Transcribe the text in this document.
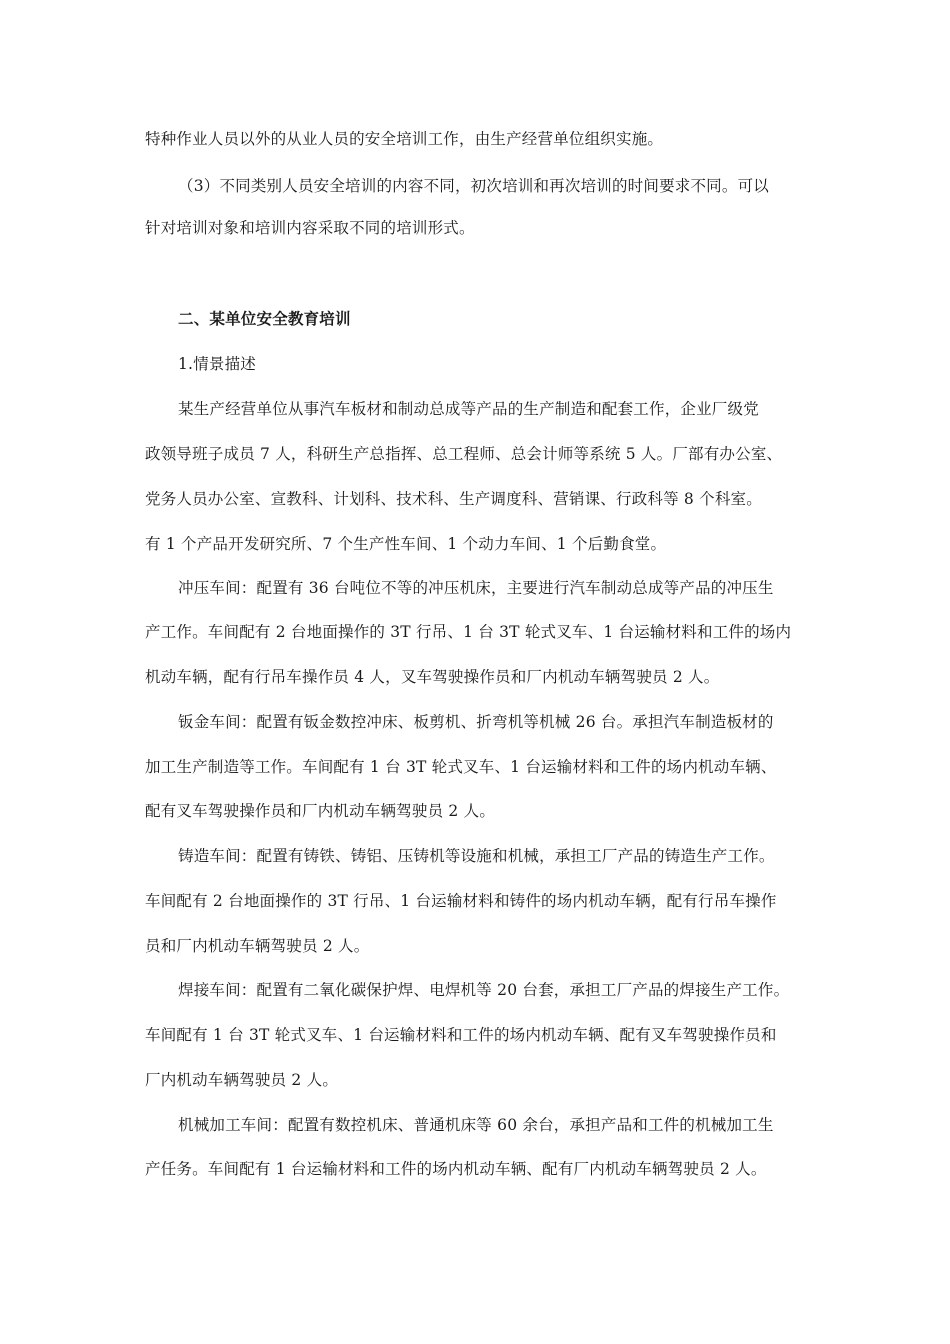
特种作业人员以外的从业人员的安全培训工作，由生产经营单位组织实施。
（3）不同类别人员安全培训的内容不同，初次培训和再次培训的时间要求不同。可以
针对培训对象和培训内容采取不同的培训形式。
二、某单位安全教育培训
1.情景描述
某生产经营单位从事汽车板材和制动总成等产品的生产制造和配套工作，企业厂级党
政领导班子成员 7 人，科研生产总指挥、总工程师、总会计师等系统 5 人。厂部有办公室、
党务人员办公室、宣教科、计划科、技术科、生产调度科、营销课、行政科等 8 个科室。
有 1 个产品开发研究所、7 个生产性车间、1 个动力车间、1 个后勤食堂。
冲压车间：配置有 36 台吨位不等的冲压机床，主要进行汽车制动总成等产品的冲压生
产工作。车间配有 2 台地面操作的 3T 行吊、1 台 3T 轮式叉车、1 台运输材料和工件的场内
机动车辆，配有行吊车操作员 4 人，叉车驾驶操作员和厂内机动车辆驾驶员 2 人。
钣金车间：配置有钣金数控冲床、板剪机、折弯机等机械 26 台。承担汽车制造板材的
加工生产制造等工作。车间配有 1 台 3T 轮式叉车、1 台运输材料和工件的场内机动车辆、
配有叉车驾驶操作员和厂内机动车辆驾驶员 2 人。
铸造车间：配置有铸铁、铸铝、压铸机等设施和机械，承担工厂产品的铸造生产工作。
车间配有 2 台地面操作的 3T 行吊、1 台运输材料和铸件的场内机动车辆，配有行吊车操作
员和厂内机动车辆驾驶员 2 人。
焊接车间：配置有二氧化碳保护焊、电焊机等 20 台套，承担工厂产品的焊接生产工作。
车间配有 1 台 3T 轮式叉车、1 台运输材料和工件的场内机动车辆、配有叉车驾驶操作员和
厂内机动车辆驾驶员 2 人。
机械加工车间：配置有数控机床、普通机床等 60 余台，承担产品和工件的机械加工生
产任务。车间配有 1 台运输材料和工件的场内机动车辆、配有厂内机动车辆驾驶员 2 人。
